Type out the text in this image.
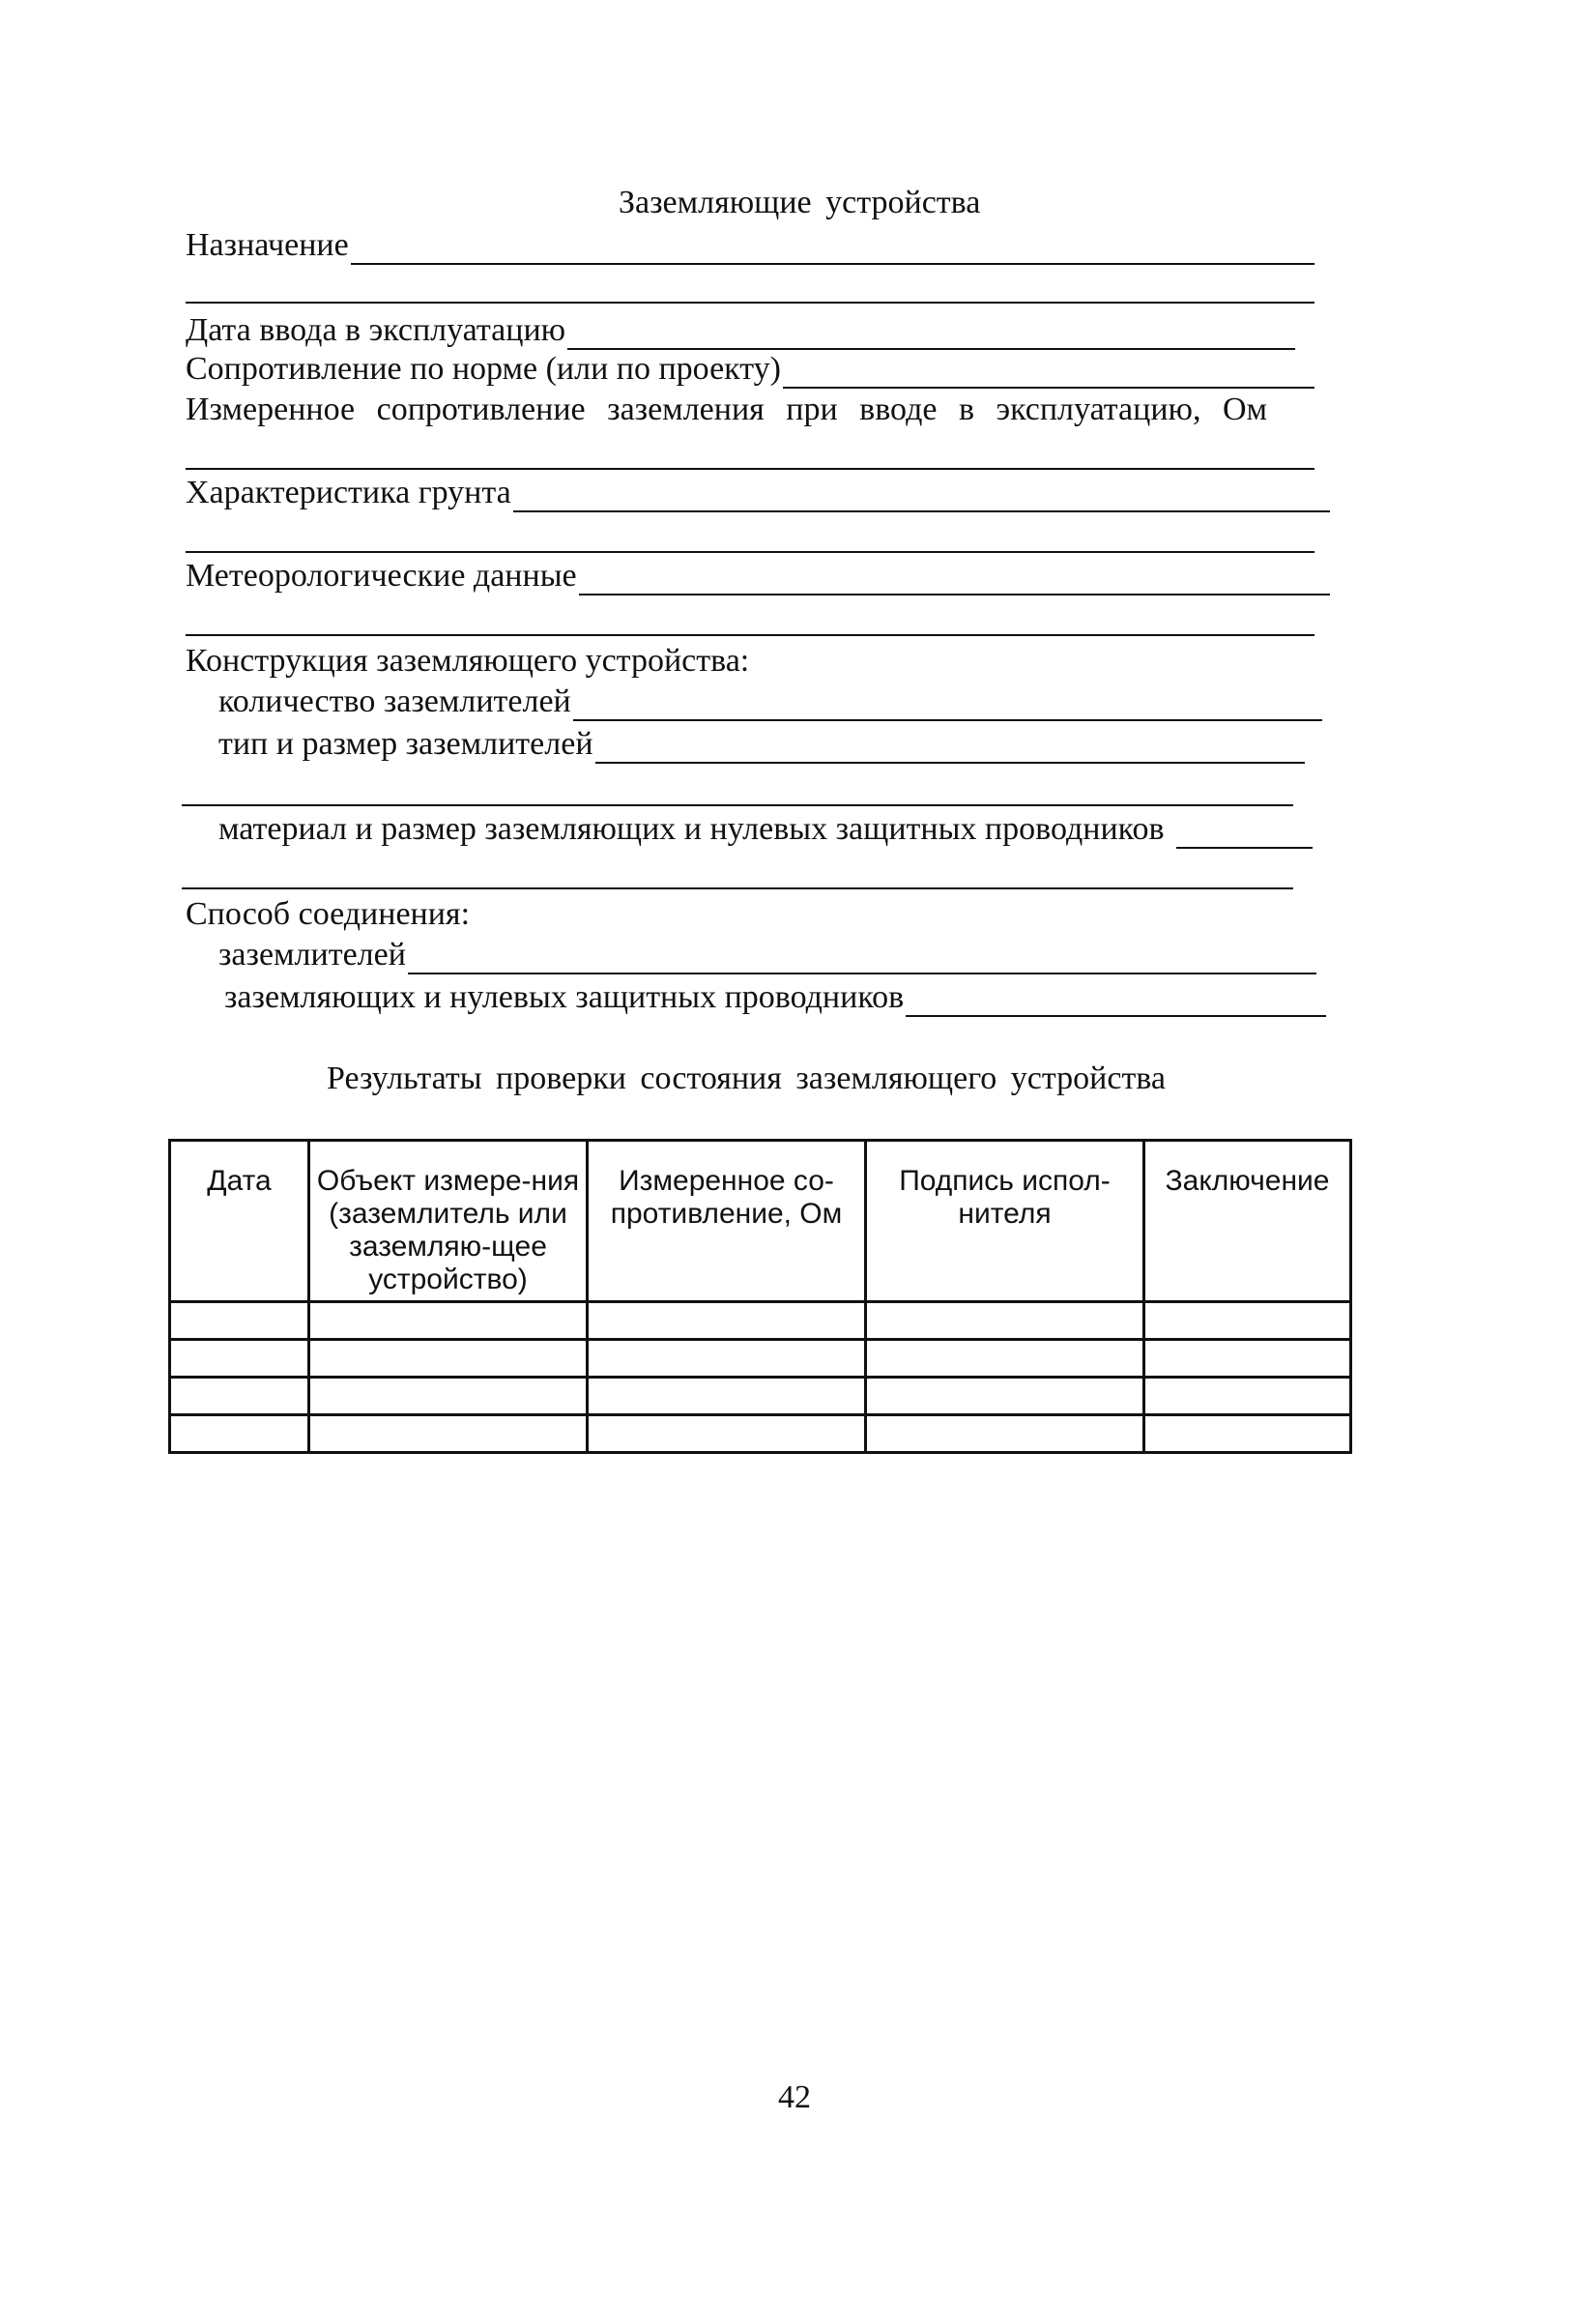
Заземляющие устройства
Назначение
Дата ввода в эксплуатацию
Сопротивление по норме (или по проекту)
Измеренное сопротивление заземления при вводе в эксплуатацию, Ом
Характеристика грунта
Метеорологические данные
Конструкция заземляющего устройства:
количество заземлителей
тип и размер заземлителей
материал и размер заземляющих и нулевых защитных проводников
Способ соединения:
заземлителей
заземляющих и нулевых защитных проводников
Результаты проверки состояния заземляющего устройства
Дата	Объект измере-ния (заземлитель или заземляю-щее устройство)	Измеренное со-противление, Ом	Подпись испол-нителя	Заключение

42
